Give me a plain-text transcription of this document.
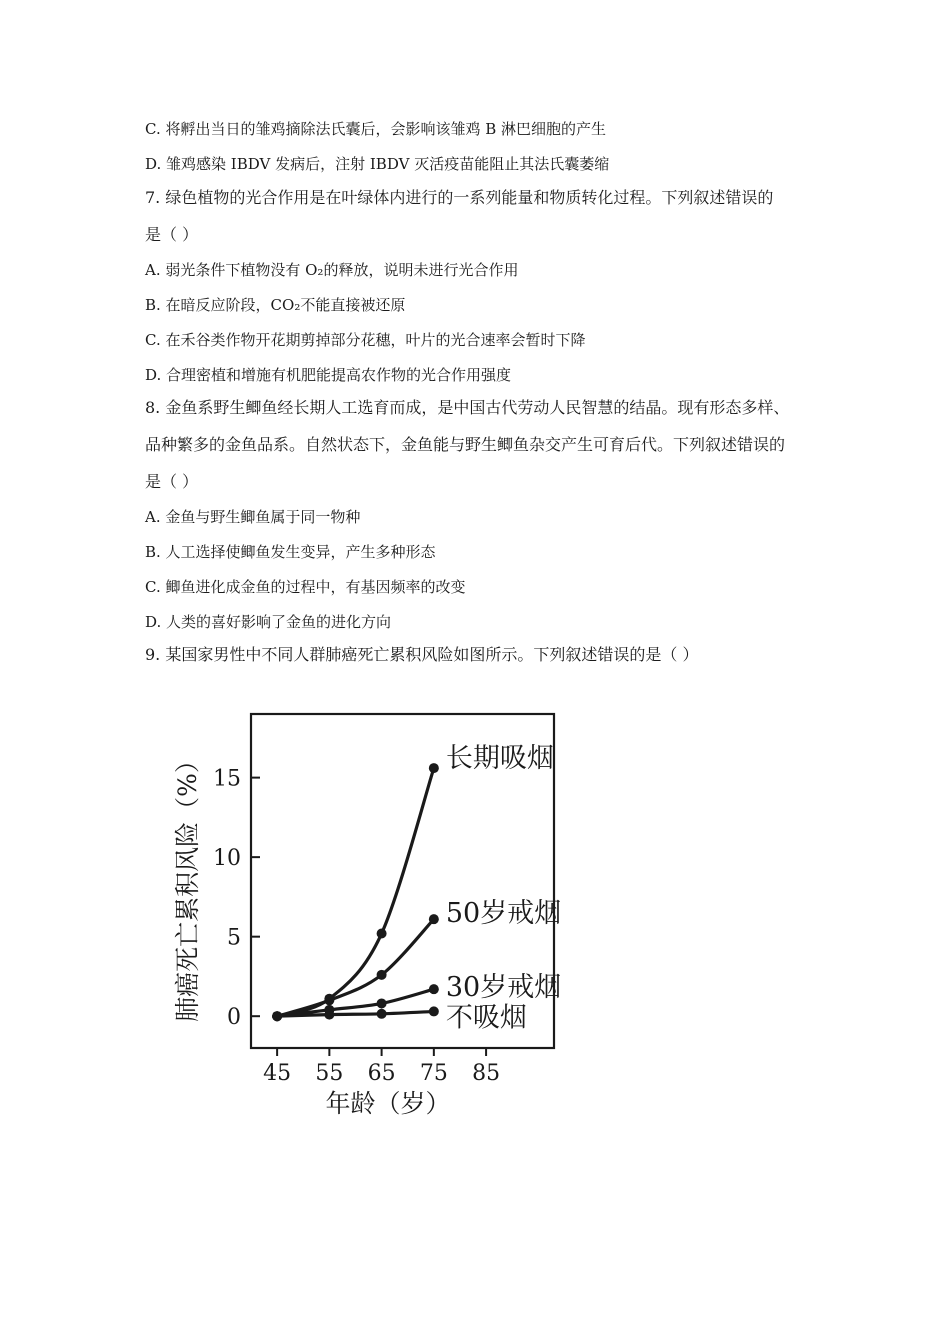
C. 将孵出当日的雏鸡摘除法氏囊后，会影响该雏鸡 B 淋巴细胞的产生
D. 雏鸡感染 IBDV 发病后，注射 IBDV 灭活疫苗能阻止其法氏囊萎缩
7. 绿色植物的光合作用是在叶绿体内进行的一系列能量和物质转化过程。下列叙述错误的
是（ ）
A. 弱光条件下植物没有 O₂的释放，说明未进行光合作用
B. 在暗反应阶段，CO₂不能直接被还原
C. 在禾谷类作物开花期剪掉部分花穗，叶片的光合速率会暂时下降
D. 合理密植和增施有机肥能提高农作物的光合作用强度
8. 金鱼系野生鲫鱼经长期人工选育而成，是中国古代劳动人民智慧的结晶。现有形态多样、
品种繁多的金鱼品系。自然状态下，金鱼能与野生鲫鱼杂交产生可育后代。下列叙述错误的
是（ ）
A. 金鱼与野生鲫鱼属于同一物种
B. 人工选择使鲫鱼发生变异，产生多种形态
C. 鲫鱼进化成金鱼的过程中，有基因频率的改变
D. 人类的喜好影响了金鱼的进化方向
9. 某国家男性中不同人群肺癌死亡累积风险如图所示。下列叙述错误的是（ ）
0
5
10
15
45 55 65 75 85
长期吸烟
50岁戒烟
30岁戒烟
不吸烟
肺癌死亡累积风险（%）
年龄（岁）
